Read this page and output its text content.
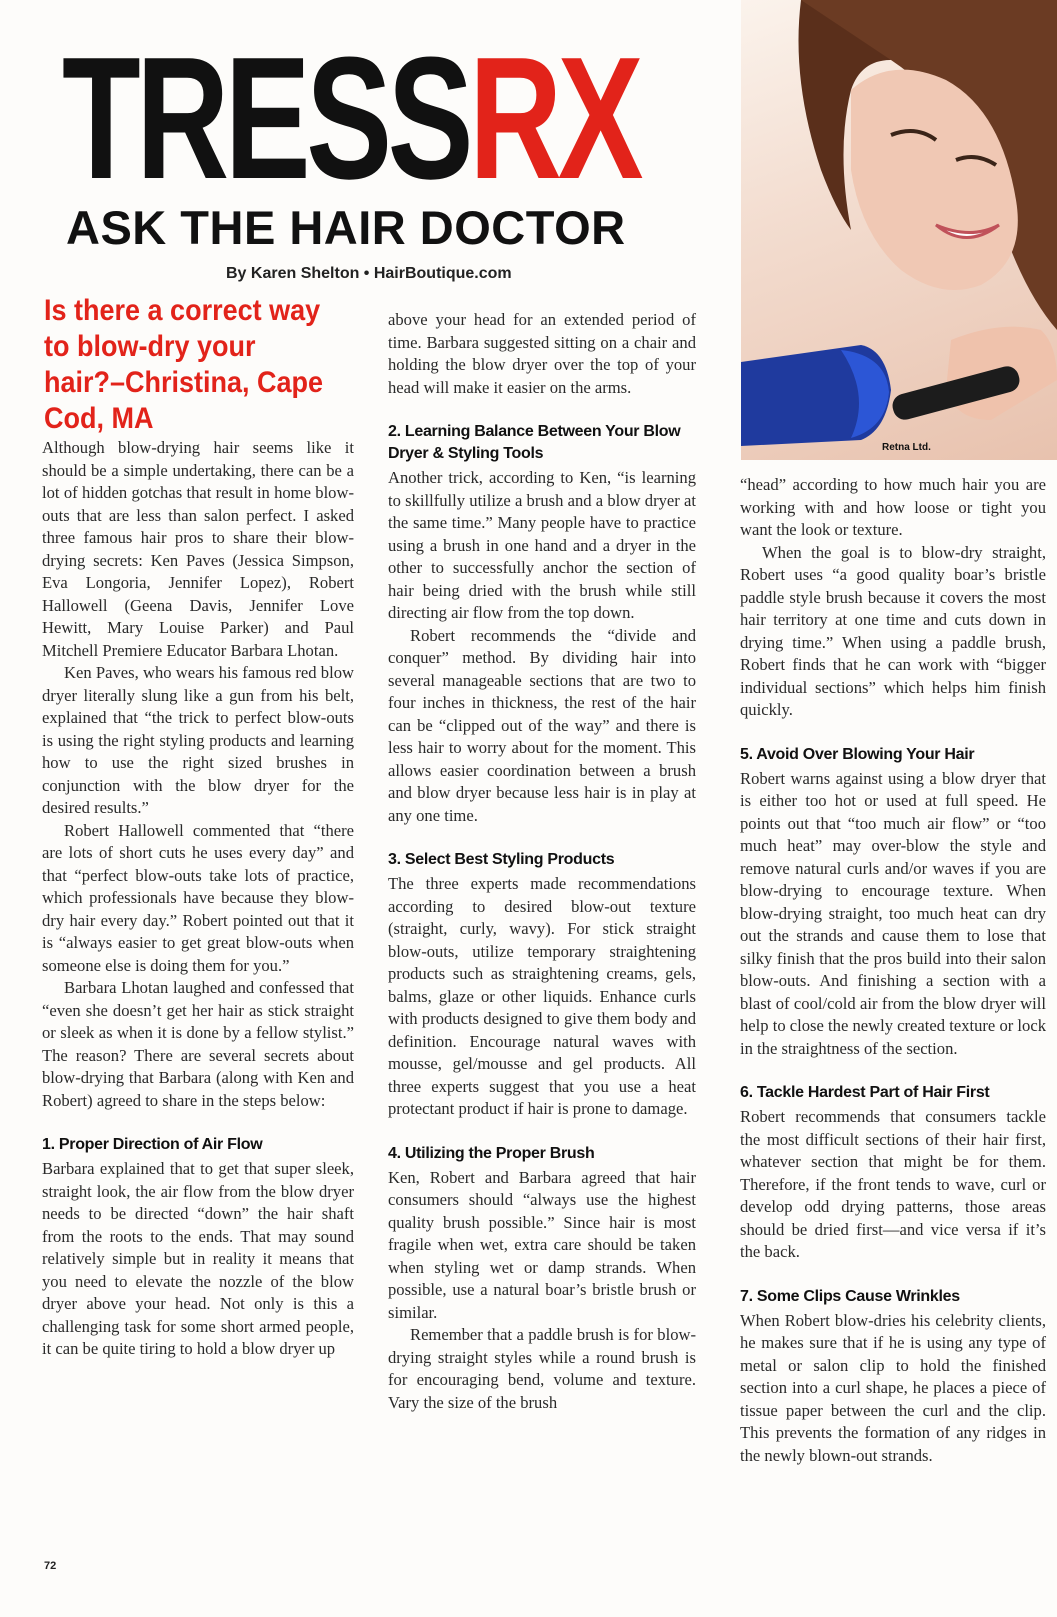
TRESSRX
ASK THE HAIR DOCTOR
By Karen Shelton • HairBoutique.com
Retna Ltd.
Is there a correct way to blow-dry your hair?–Christina, Cape Cod, MA

Although blow-drying hair seems like it should be a simple undertaking, there can be a lot of hidden gotchas that result in home blow-outs that are less than salon perfect. I asked three famous hair pros to share their blow-drying secrets: Ken Paves (Jessica Simpson, Eva Longoria, Jennifer Lopez), Robert Hallowell (Geena Davis, Jennifer Love Hewitt, Mary Louise Parker) and Paul Mitchell Premiere Educator Barbara Lhotan.

Ken Paves, who wears his famous red blow dryer literally slung like a gun from his belt, explained that “the trick to perfect blow-outs is using the right styling products and learning how to use the right sized brushes in conjunction with the blow dryer for the desired results.”

Robert Hallowell commented that “there are lots of short cuts he uses every day” and that “perfect blow-outs take lots of practice, which professionals have because they blow-dry hair every day.” Robert pointed out that it is “always easier to get great blow-outs when someone else is doing them for you.”

Barbara Lhotan laughed and confessed that “even she doesn’t get her hair as stick straight or sleek as when it is done by a fellow stylist.” The reason? There are several secrets about blow-drying that Barbara (along with Ken and Robert) agreed to share in the steps below:

1. Proper Direction of Air Flow

Barbara explained that to get that super sleek, straight look, the air flow from the blow dryer needs to be directed “down” the hair shaft from the roots to the ends. That may sound relatively simple but in reality it means that you need to elevate the nozzle of the blow dryer above your head. Not only is this a challenging task for some short armed people, it can be quite tiring to hold a blow dryer up

above your head for an extended period of time. Barbara suggested sitting on a chair and holding the blow dryer over the top of your head will make it easier on the arms.

2. Learning Balance Between Your Blow Dryer & Styling Tools

Another trick, according to Ken, “is learning to skillfully utilize a brush and a blow dryer at the same time.” Many people have to practice using a brush in one hand and a dryer in the other to successfully anchor the section of hair being dried with the brush while still directing air flow from the top down.

Robert recommends the “divide and conquer” method. By dividing hair into several manageable sections that are two to four inches in thickness, the rest of the hair can be “clipped out of the way” and there is less hair to worry about for the moment. This allows easier coordination between a brush and blow dryer because less hair is in play at any one time.

3. Select Best Styling Products

The three experts made recommendations according to desired blow-out texture (straight, curly, wavy). For stick straight blow-outs, utilize temporary straightening products such as straightening creams, gels, balms, glaze or other liquids. Enhance curls with products designed to give them body and definition. Encourage natural waves with mousse, gel/mousse and gel products. All three experts suggest that you use a heat protectant product if hair is prone to damage.

4. Utilizing the Proper Brush

Ken, Robert and Barbara agreed that hair consumers should “always use the highest quality brush possible.” Since hair is most fragile when wet, extra care should be taken when styling wet or damp strands. When possible, use a natural boar’s bristle brush or similar.

Remember that a paddle brush is for blow-drying straight styles while a round brush is for encouraging bend, volume and texture. Vary the size of the brush

“head” according to how much hair you are working with and how loose or tight you want the look or texture.

When the goal is to blow-dry straight, Robert uses “a good quality boar’s bristle paddle style brush because it covers the most hair territory at one time and cuts down in drying time.” When using a paddle brush, Robert finds that he can work with “bigger individual sections” which helps him finish quickly.

5. Avoid Over Blowing Your Hair

Robert warns against using a blow dryer that is either too hot or used at full speed. He points out that “too much air flow” or “too much heat” may over-blow the style and remove natural curls and/or waves if you are blow-drying to encourage texture. When blow-drying straight, too much heat can dry out the strands and cause them to lose that silky finish that the pros build into their salon blow-outs. And finishing a section with a blast of cool/cold air from the blow dryer will help to close the newly created texture or lock in the straightness of the section.

6. Tackle Hardest Part of Hair First

Robert recommends that consumers tackle the most difficult sections of their hair first, whatever section that might be for them. Therefore, if the front tends to wave, curl or develop odd drying patterns, those areas should be dried first—and vice versa if it’s the back.

7. Some Clips Cause Wrinkles

When Robert blow-dries his celebrity clients, he makes sure that if he is using any type of metal or salon clip to hold the finished section into a curl shape, he places a piece of tissue paper between the curl and the clip. This prevents the formation of any ridges in the newly blown-out strands.

72
